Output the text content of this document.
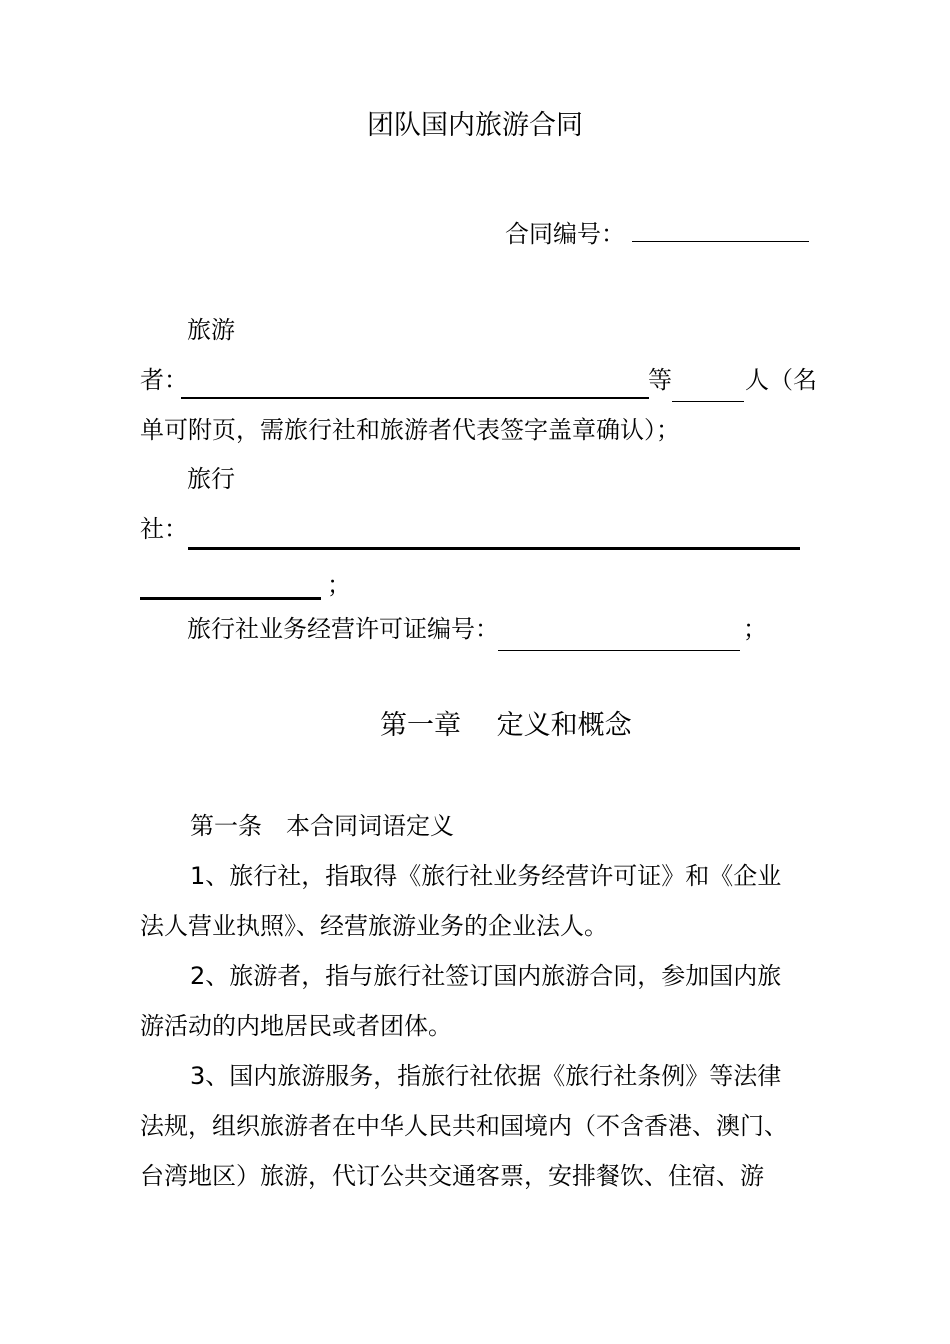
团队国内旅游合同
合同编号：
旅游
者：	等	人（名
单可附页，需旅行社和旅游者代表签字盖章确认）；
旅行
社：
；
旅行社业务经营许可证编号：	；
第一章　 定义和概念
第一条　本合同词语定义
1、旅行社，指取得《旅行社业务经营许可证》和《企业
法人营业执照》、经营旅游业务的企业法人。
2、旅游者，指与旅行社签订国内旅游合同，参加国内旅
游活动的内地居民或者团体。
3、国内旅游服务，指旅行社依据《旅行社条例》等法律
法规，组织旅游者在中华人民共和国境内（不含香港、澳门、
台湾地区）旅游，代订公共交通客票，安排餐饮、住宿、游
